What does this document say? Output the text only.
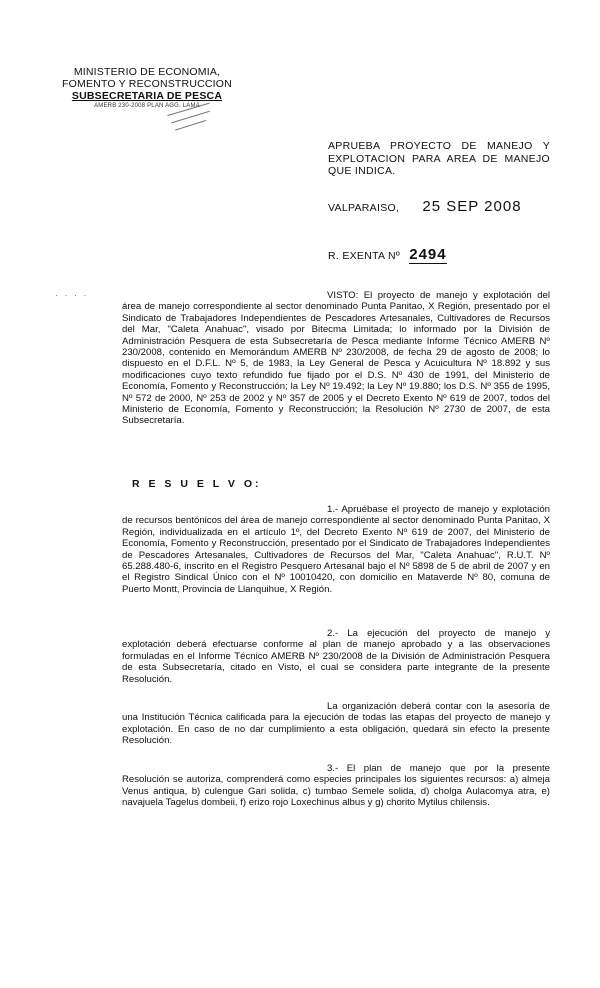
MINISTERIO DE ECONOMIA,
FOMENTO Y RECONSTRUCCION
SUBSECRETARIA DE PESCA
AMERB 230-2008 PLAN AGG. LAMA
APRUEBA PROYECTO DE MANEJO Y EXPLOTACION PARA AREA DE MANEJO QUE INDICA.
VALPARAISO, 25 SEP 2008
R. EXENTA Nº 2494
· · · ·	VISTO: El proyecto de manejo y explotación del área de manejo correspondiente al sector denominado Punta Panitao, X Región, presentado por el Sindicato de Trabajadores Independientes de Pescadores Artesanales, Cultivadores de Recursos del Mar, "Caleta Anahuac", visado por Bitecma Limitada; lo informado por la División de Administración Pesquera de esta Subsecretaría de Pesca mediante Informe Técnico AMERB Nº 230/2008, contenido en Memorándum AMERB Nº 230/2008, de fecha 29 de agosto de 2008; lo dispuesto en el D.F.L. Nº 5, de 1983, la Ley General de Pesca y Acuicultura Nº 18.892 y sus modificaciones cuyo texto refundido fue fijado por el D.S. Nº 430 de 1991, del Ministerio de Economía, Fomento y Reconstrucción; la Ley Nº 19.492; la Ley Nº 19.880; los D.S. Nº 355 de 1995, Nº 572 de 2000, Nº 253 de 2002 y Nº 357 de 2005 y el Decreto Exento Nº 619 de 2007, todos del Ministerio de Economía, Fomento y Reconstrucción; la Resolución Nº 2730 de 2007, de esta Subsecretaría.

R E S U E L V O:

1.- Apruébase el proyecto de manejo y explotación de recursos bentónicos del área de manejo correspondiente al sector denominado Punta Panitao, X Región, individualizada en el artículo 1º, del Decreto Exento Nº 619 de 2007, del Ministerio de Economía, Fomento y Reconstrucción, presentado por el Sindicato de Trabajadores Independientes de Pescadores Artesanales, Cultivadores de Recursos del Mar, "Caleta Anahuac", R.U.T. Nº 65.288.480-6, inscrito en el Registro Pesquero Artesanal bajo el Nº 5898 de 5 de abril de 2007 y en el Registro Sindical Único con el Nº 10010420, con domicilio en Mataverde Nº 80, comuna de Puerto Montt, Provincia de Llanquihue, X Región.

2.- La ejecución del proyecto de manejo y explotación deberá efectuarse conforme al plan de manejo aprobado y a las observaciones formuladas en el Informe Técnico AMERB Nº 230/2008 de la División de Administración Pesquera de esta Subsecretaría, citado en Visto, el cual se considera parte integrante de la presente Resolución.

La organización deberá contar con la asesoría de una Institución Técnica calificada para la ejecución de todas las etapas del proyecto de manejo y explotación. En caso de no dar cumplimiento a esta obligación, quedará sin efecto la presente Resolución.

3.- El plan de manejo que por la presente Resolución se autoriza, comprenderá como especies principales los siguientes recursos: a) almeja Venus antiqua, b) culengue Gari solida, c) tumbao Semele solida, d) cholga Aulacomya atra, e) navajuela Tagelus dombeii, f) erizo rojo Loxechinus albus y g) chorito Mytilus chilensis.
